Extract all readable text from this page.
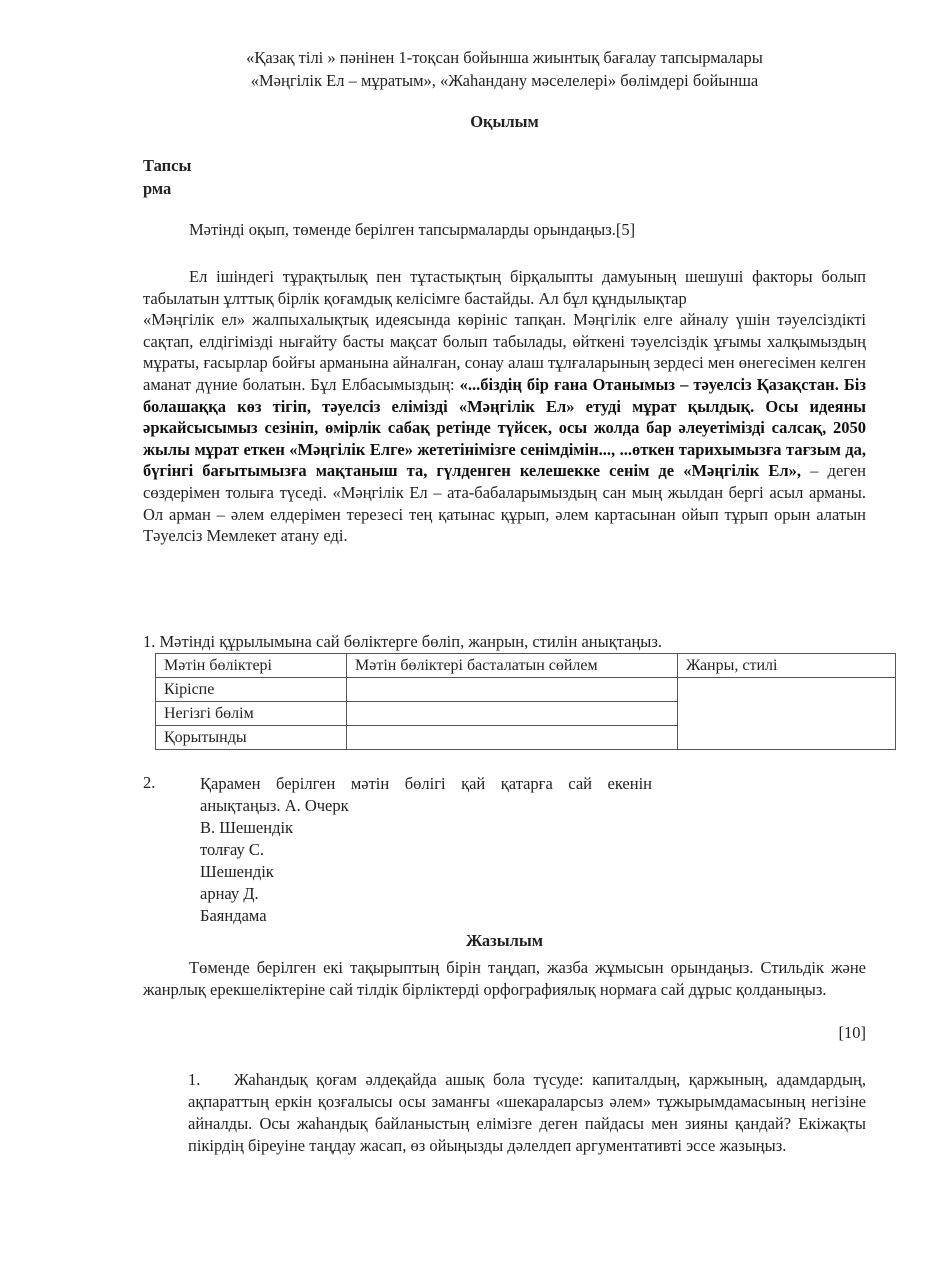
«Қазақ тілі » пәнінен 1-тоқсан бойынша жиынтық бағалау тапсырмалары
«Мәңгілік Ел – мұратым», «Жаһандану мәселелері» бөлімдері бойынша
Оқылым
Тапсы
рма
Мәтінді оқып, төменде берілген тапсырмаларды орындаңыз.[5]
Ел ішіндегі тұрақтылық пен тұтастықтың бірқалыпты дамуының шешуші факторы болып табылатын ұлттық бірлік қоғамдық келісімге бастайды. Ал бұл құндылықтар
«Мәңгілік ел» жалпыхалықтық идеясында көрініс тапқан. Мәңгілік елге айналу үшін тәуелсіздікті сақтап, елдігімізді нығайту басты мақсат болып табылады, өйткені тәуелсіздік ұғымы халқымыздың мұраты, ғасырлар бойғы арманына айналған, сонау алаш тұлғаларының зердесі мен өнегесімен келген аманат дүние болатын. Бұл Елбасымыздың: «...біздің бір ғана Отанымыз – тәуелсіз Қазақстан. Біз болашаққа көз тігіп, тәуелсіз елімізді «Мәңгілік Ел» етуді мұрат қылдық. Осы идеяны әркайсысымыз сезініп, өмірлік сабақ ретінде түйсек, осы жолда бар әлеуетімізді салсақ, 2050 жылы мұрат еткен «Мәңгілік Елге» жететінімізге сенімдімін..., ...өткен тарихымызға тағзым да, бүгінгі бағытымызға мақтаныш та, гүлденген келешекке сенім де «Мәңгілік Ел», – деген сөздерімен толыға түседі. «Мәңгілік Ел – ата-бабаларымыздың сан мың жылдан бергі асыл арманы. Ол арман – әлем елдерімен терезесі тең қатынас құрып, әлем картасынан ойып тұрып орын алатын Тәуелсіз Мемлекет атану еді.
1. Мәтінді құрылымына сай бөліктерге бөліп, жанрын, стилін анықтаңыз.
Мәтін бөліктері	Мәтін бөліктері басталатын сөйлем	Жанры, стилі
Кіріспе		
Негізгі бөлім		
Қорытынды		
2.	Қарамен берілген мәтін бөлігі қай қатарға сай екенін
анықтаңыз. А. Очерк
В. Шешендік
толғау С.
Шешендік
арнау Д.
Баяндама
Жазылым
Төменде берілген екі тақырыптың бірін таңдап, жазба жұмысын орындаңыз. Стильдік және жанрлық ерекшеліктеріне сай тілдік бірліктерді орфографиялық нормаға сай дұрыс қолданыңыз.
[10]
1. Жаһандық қоғам әлдеқайда ашық бола түсуде: капиталдың, қаржының, адамдардың, ақпараттың еркін қозғалысы осы заманғы «шекараларсыз әлем» тұжырымдамасының негізіне айналды. Осы жаһандық байланыстың елімізге деген пайдасы мен зияны қандай? Екіжақты пікірдің біреуіне таңдау жасап, өз ойыңызды дәлелдеп аргументативті эссе жазыңыз.
